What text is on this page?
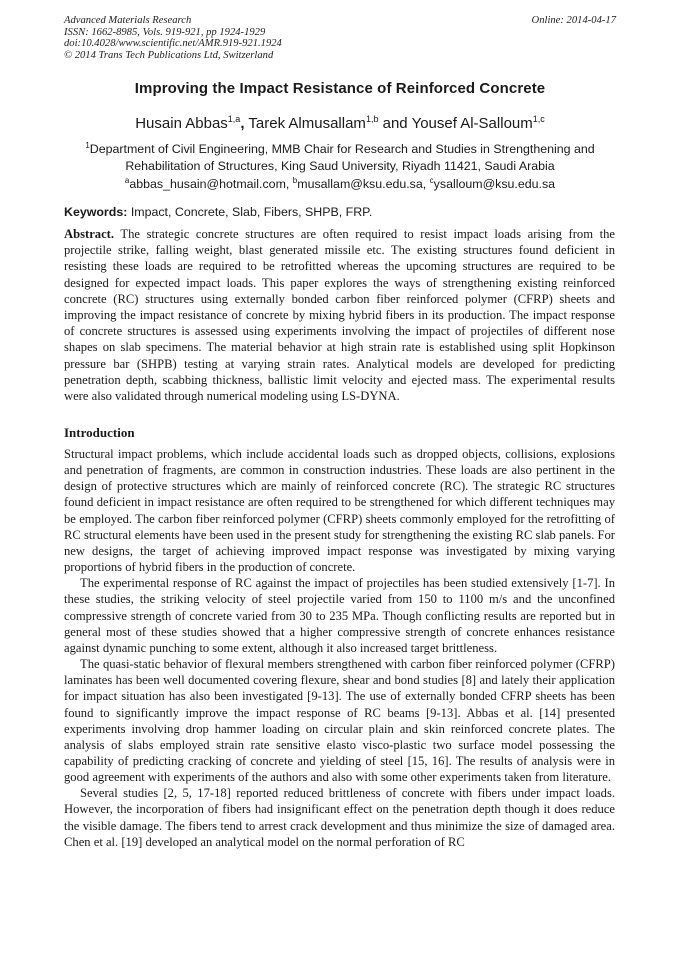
Advanced Materials Research
ISSN: 1662-8985, Vols. 919-921, pp 1924-1929
doi:10.4028/www.scientific.net/AMR.919-921.1924
© 2014 Trans Tech Publications Ltd, Switzerland
Online: 2014-04-17
Improving the Impact Resistance of Reinforced Concrete
Husain Abbas$^{1,a}$, Tarek Almusallam$^{1,b}$ and Yousef Al-Salloum$^{1,c}$
$^1$Department of Civil Engineering, MMB Chair for Research and Studies in Strengthening and
Rehabilitation of Structures, King Saud University, Riyadh 11421, Saudi Arabia
$^a$abbas_husain@hotmail.com, $^b$musallam@ksu.edu.sa, $^c$ysalloum@ksu.edu.sa
Keywords: Impact, Concrete, Slab, Fibers, SHPB, FRP.
Abstract. The strategic concrete structures are often required to resist impact loads arising from the projectile strike, falling weight, blast generated missile etc. The existing structures found deficient in resisting these loads are required to be retrofitted whereas the upcoming structures are required to be designed for expected impact loads. This paper explores the ways of strengthening existing reinforced concrete (RC) structures using externally bonded carbon fiber reinforced polymer (CFRP) sheets and improving the impact resistance of concrete by mixing hybrid fibers in its production. The impact response of concrete structures is assessed using experiments involving the impact of projectiles of different nose shapes on slab specimens. The material behavior at high strain rate is established using split Hopkinson pressure bar (SHPB) testing at varying strain rates. Analytical models are developed for predicting penetration depth, scabbing thickness, ballistic limit velocity and ejected mass. The experimental results were also validated through numerical modeling using LS-DYNA.
Introduction

Structural impact problems, which include accidental loads such as dropped objects, collisions, explosions and penetration of fragments, are common in construction industries. These loads are also pertinent in the design of protective structures which are mainly of reinforced concrete (RC). The strategic RC structures found deficient in impact resistance are often required to be strengthened for which different techniques may be employed. The carbon fiber reinforced polymer (CFRP) sheets commonly employed for the retrofitting of RC structural elements have been used in the present study for strengthening the existing RC slab panels. For new designs, the target of achieving improved impact response was investigated by mixing varying proportions of hybrid fibers in the production of concrete.

The experimental response of RC against the impact of projectiles has been studied extensively [1-7]. In these studies, the striking velocity of steel projectile varied from 150 to 1100 m/s and the unconfined compressive strength of concrete varied from 30 to 235 MPa. Though conflicting results are reported but in general most of these studies showed that a higher compressive strength of concrete enhances resistance against dynamic punching to some extent, although it also increased target brittleness.

The quasi-static behavior of flexural members strengthened with carbon fiber reinforced polymer (CFRP) laminates has been well documented covering flexure, shear and bond studies [8] and lately their application for impact situation has also been investigated [9-13]. The use of externally bonded CFRP sheets has been found to significantly improve the impact response of RC beams [9-13]. Abbas et al. [14] presented experiments involving drop hammer loading on circular plain and skin reinforced concrete plates. The analysis of slabs employed strain rate sensitive elasto visco-plastic two surface model possessing the capability of predicting cracking of concrete and yielding of steel [15, 16]. The results of analysis were in good agreement with experiments of the authors and also with some other experiments taken from literature.

Several studies [2, 5, 17-18] reported reduced brittleness of concrete with fibers under impact loads. However, the incorporation of fibers had insignificant effect on the penetration depth though it does reduce the visible damage. The fibers tend to arrest crack development and thus minimize the size of damaged area. Chen et al. [19] developed an analytical model on the normal perforation of RC
